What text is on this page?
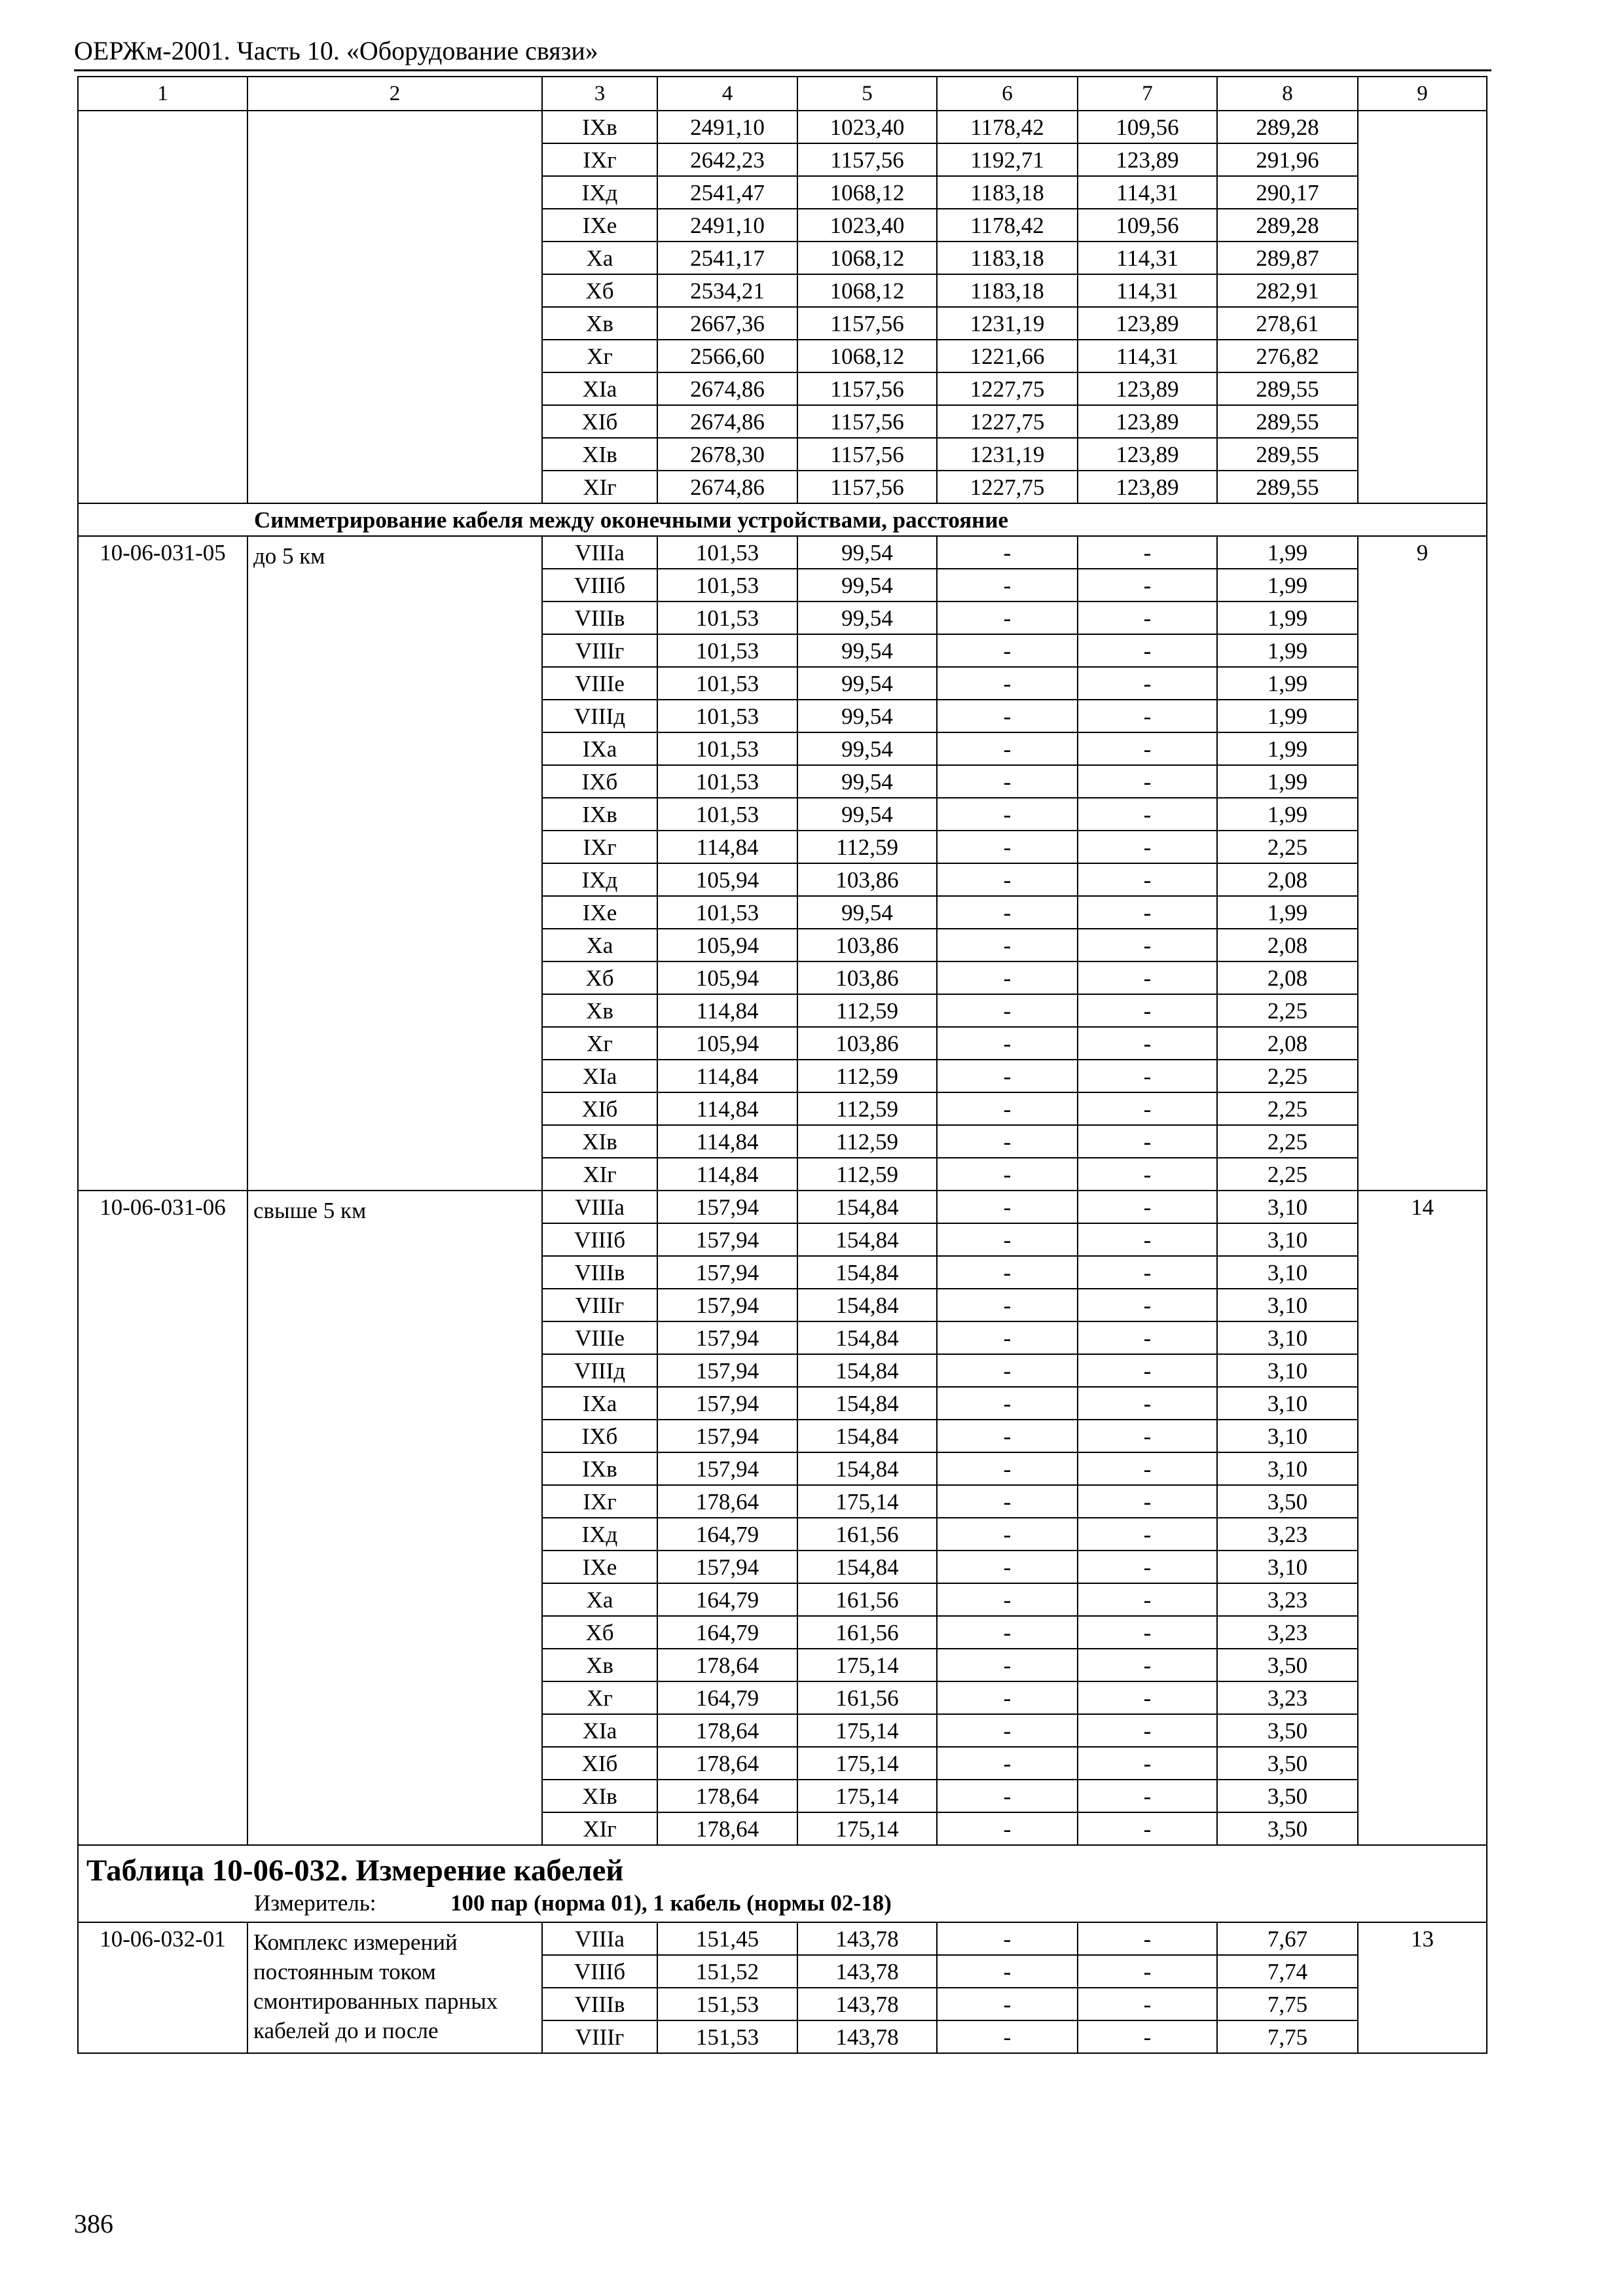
ОЕРЖм-2001. Часть 10. «Оборудование связи»
1	2	3	4	5	6	7	8	9
		IXв	2491,10	1023,40	1178,42	109,56	289,28	
		IXг	2642,23	1157,56	1192,71	123,89	291,96	
		IXд	2541,47	1068,12	1183,18	114,31	290,17	
		IXе	2491,10	1023,40	1178,42	109,56	289,28	
		Xа	2541,17	1068,12	1183,18	114,31	289,87	
		Xб	2534,21	1068,12	1183,18	114,31	282,91	
		Xв	2667,36	1157,56	1231,19	123,89	278,61	
		Xг	2566,60	1068,12	1221,66	114,31	276,82	
		XIа	2674,86	1157,56	1227,75	123,89	289,55	
		XIб	2674,86	1157,56	1227,75	123,89	289,55	
		XIв	2678,30	1157,56	1231,19	123,89	289,55	
		XIг	2674,86	1157,56	1227,75	123,89	289,55	
Симметрирование кабеля между оконечными устройствами, расстояние								
10-06-031-05	до 5 км	VIIIа	101,53	99,54	-	-	1,99	9
		VIIIб	101,53	99,54	-	-	1,99	
		VIIIв	101,53	99,54	-	-	1,99	
		VIIIг	101,53	99,54	-	-	1,99	
		VIIIе	101,53	99,54	-	-	1,99	
		VIIIд	101,53	99,54	-	-	1,99	
		IXа	101,53	99,54	-	-	1,99	
		IXб	101,53	99,54	-	-	1,99	
		IXв	101,53	99,54	-	-	1,99	
		IXг	114,84	112,59	-	-	2,25	
		IXд	105,94	103,86	-	-	2,08	
		IXе	101,53	99,54	-	-	1,99	
		Xа	105,94	103,86	-	-	2,08	
		Xб	105,94	103,86	-	-	2,08	
		Xв	114,84	112,59	-	-	2,25	
		Xг	105,94	103,86	-	-	2,08	
		XIа	114,84	112,59	-	-	2,25	
		XIб	114,84	112,59	-	-	2,25	
		XIв	114,84	112,59	-	-	2,25	
		XIг	114,84	112,59	-	-	2,25	
10-06-031-06	свыше 5 км	VIIIа	157,94	154,84	-	-	3,10	14
		VIIIб	157,94	154,84	-	-	3,10	
		VIIIв	157,94	154,84	-	-	3,10	
		VIIIг	157,94	154,84	-	-	3,10	
		VIIIе	157,94	154,84	-	-	3,10	
		VIIIд	157,94	154,84	-	-	3,10	
		IXа	157,94	154,84	-	-	3,10	
		IXб	157,94	154,84	-	-	3,10	
		IXв	157,94	154,84	-	-	3,10	
		IXг	178,64	175,14	-	-	3,50	
		IXд	164,79	161,56	-	-	3,23	
		IXе	157,94	154,84	-	-	3,10	
		Xа	164,79	161,56	-	-	3,23	
		Xб	164,79	161,56	-	-	3,23	
		Xв	178,64	175,14	-	-	3,50	
		Xг	164,79	161,56	-	-	3,23	
		XIа	178,64	175,14	-	-	3,50	
		XIб	178,64	175,14	-	-	3,50	
		XIв	178,64	175,14	-	-	3,50	
		XIг	178,64	175,14	-	-	3,50	

Таблица 10-06-032. Измерение кабелей
Измеритель: 100 пар (норма 01), 1 кабель (нормы 02-18)								

10-06-032-01	Комплекс измерений постоянным током смонтированных парных кабелей до и после	VIIIа	151,45	143,78	-	-	7,67	13
		VIIIб	151,52	143,78	-	-	7,74	
		VIIIв	151,53	143,78	-	-	7,75	
		VIIIг	151,53	143,78	-	-	7,75	
386
